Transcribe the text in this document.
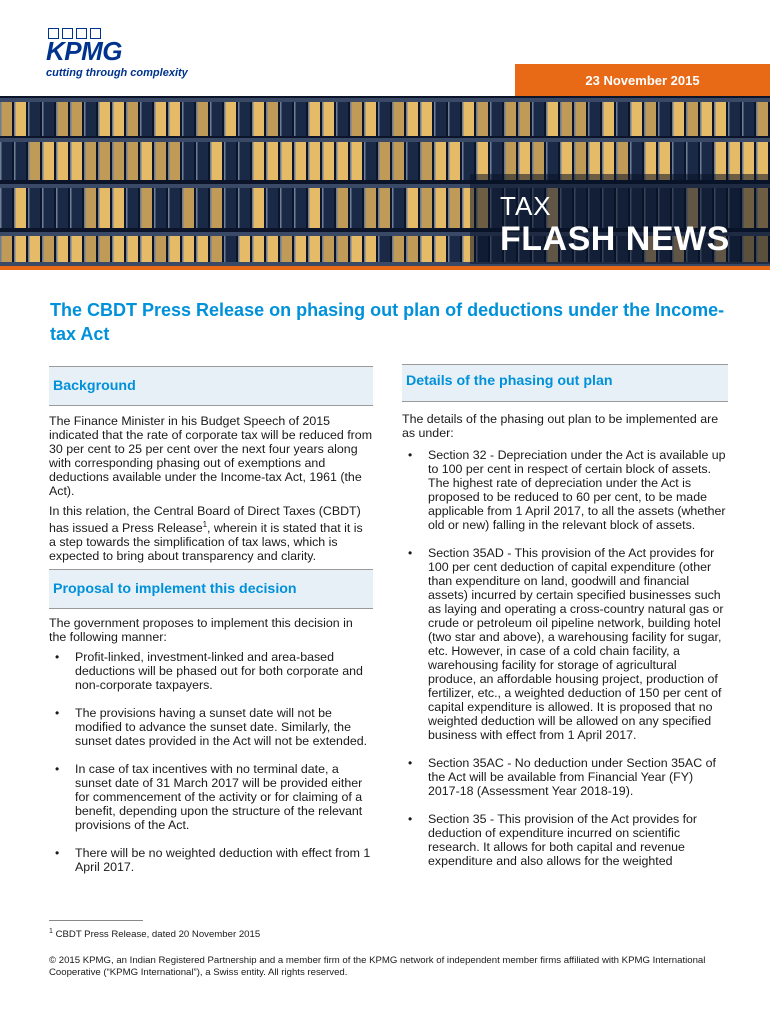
KPMG
cutting through complexity	23 November 2015
TAX
FLASH NEWS
The CBDT Press Release on phasing out plan of deductions under the Income-tax Act
Background

The Finance Minister in his Budget Speech of 2015 indicated that the rate of corporate tax will be reduced from 30 per cent to 25 per cent over the next four years along with corresponding phasing out of exemptions and deductions available under the Income-tax Act, 1961 (the Act).

In this relation, the Central Board of Direct Taxes (CBDT) has issued a Press Release$^1$, wherein it is stated that it is a step towards the simplification of tax laws, which is expected to bring about transparency and clarity.

Proposal to implement this decision

The government proposes to implement this decision in the following manner:

• Profit-linked, investment-linked and area-based deductions will be phased out for both corporate and non-corporate taxpayers.
• The provisions having a sunset date will not be modified to advance the sunset date. Similarly, the sunset dates provided in the Act will not be extended.
• In case of tax incentives with no terminal date, a sunset date of 31 March 2017 will be provided either for commencement of the activity or for claiming of a benefit, depending upon the structure of the relevant provisions of the Act.
• There will be no weighted deduction with effect from 1 April 2017.
Details of the phasing out plan

The details of the phasing out plan to be implemented are as under:

• Section 32 - Depreciation under the Act is available up to 100 per cent in respect of certain block of assets. The highest rate of depreciation under the Act is proposed to be reduced to 60 per cent, to be made applicable from 1 April 2017, to all the assets (whether old or new) falling in the relevant block of assets.
• Section 35AD - This provision of the Act provides for 100 per cent deduction of capital expenditure (other than expenditure on land, goodwill and financial assets) incurred by certain specified businesses such as laying and operating a cross-country natural gas or crude or petroleum oil pipeline network, building hotel (two star and above), a warehousing facility for sugar, etc. However, in case of a cold chain facility, a warehousing facility for storage of agricultural produce, an affordable housing project, production of fertilizer, etc., a weighted deduction of 150 per cent of capital expenditure is allowed. It is proposed that no weighted deduction will be allowed on any specified business with effect from 1 April 2017.
• Section 35AC - No deduction under Section 35AC of the Act will be available from Financial Year (FY) 2017-18 (Assessment Year 2018-19).
• Section 35 - This provision of the Act provides for deduction of expenditure incurred on scientific research. It allows for both capital and revenue expenditure and also allows for the weighted
$^1$ CBDT Press Release, dated 20 November 2015
© 2015 KPMG, an Indian Registered Partnership and a member firm of the KPMG network of independent member firms affiliated with KPMG International Cooperative (“KPMG International”), a Swiss entity. All rights reserved.
